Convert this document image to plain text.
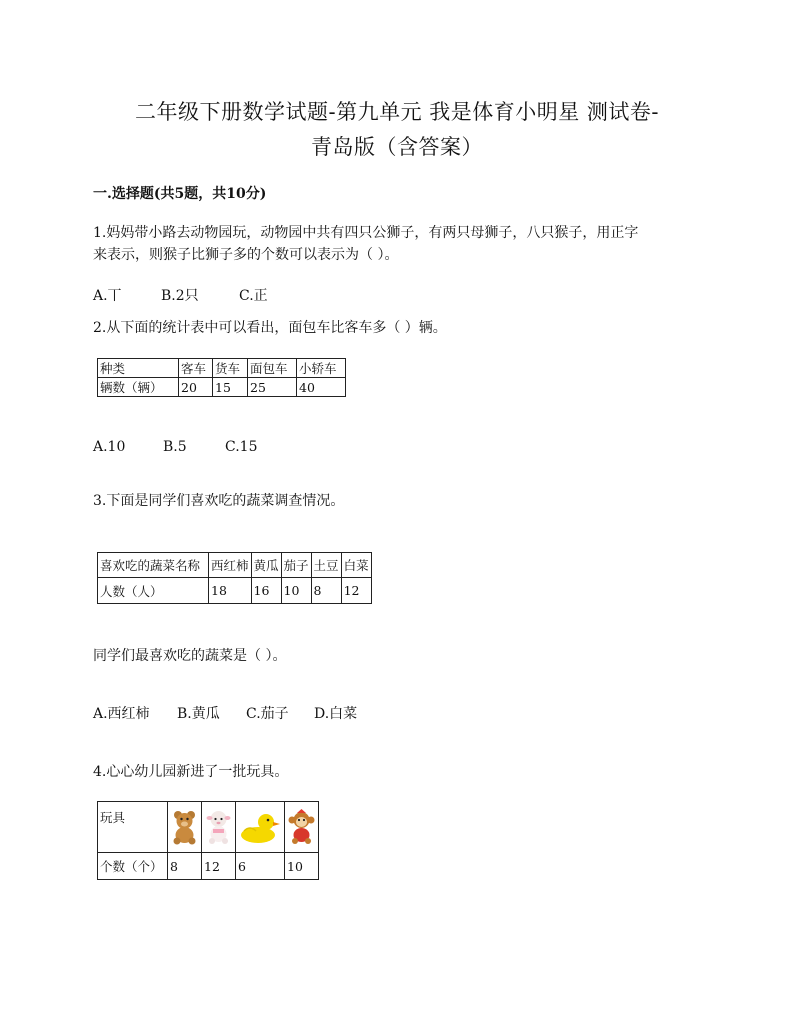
二年级下册数学试题-第九单元 我是体育小明星 测试卷-
青岛版（含答案）
一.选择题(共5题，共10分)
1.妈妈带小路去动物园玩，动物园中共有四只公狮子，有两只母狮子，八只猴子，用正字
来表示，则猴子比狮子多的个数可以表示为（ ）。
A.丅	B.2只	C.正
2.从下面的统计表中可以看出，面包车比客车多（ ）辆。
种类	客车	货车	面包车	小轿车
辆数（辆）	20	15	25	40
A.10	B.5	C.15
3.下面是同学们喜欢吃的蔬菜调查情况。
喜欢吃的蔬菜名称	西红柿	黄瓜	茄子	土豆	白菜
人数（人）	18	16	10	8	12
同学们最喜欢吃的蔬菜是（ ）。
A.西红柿	B.黄瓜	C.茄子	D.白菜
4.心心幼儿园新进了一批玩具。
玩具	

个数（个）	8	12	6	10
